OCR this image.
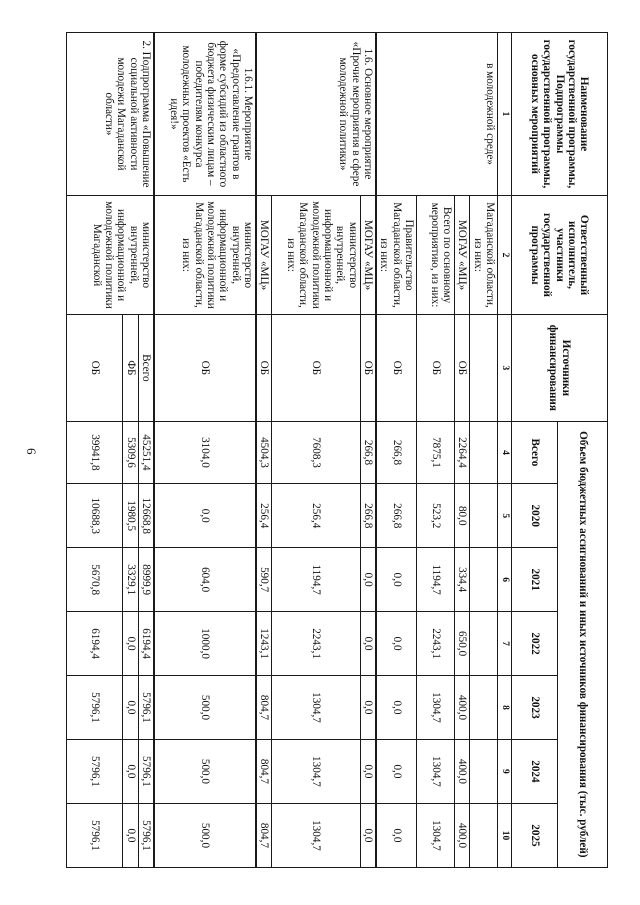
6
Наименование государственной программы, Подпрограммы государственной программы, основных мероприятий	Ответственный исполнитель, участники государственной программы	Источники финансирования	Объем бюджетных ассигнований и иных источников финансирования (тыс. рублей)						
			Всего	2020	2021	2022	2023	2024	2025
1	2	3	4	5	6	7	8	9	10
в молодежной среде»	Магаданской области, из них:								
	МОГАУ «МЦ»	ОБ	2264,4	80,0	334,4	650,0	400,0	400,0	400,0
	Всего по основному мероприятию, из них:	ОБ	7875,1	523,2	1194,7	2243,1	1304,7	1304,7	1304,7
	Правительство Магаданской области, из них:	ОБ	266,8	266,8	0,0	0,0	0,0	0,0	0,0
1.6. Основное мероприятие «Прочие мероприятия в сфере молодежной политики»	МОГАУ «МЦ»	ОБ	266,8	266,8	0,0	0,0	0,0	0,0	0,0
	министерство внутренней, информационной и молодежной политики Магаданской области, из них:	ОБ	7608,3	256,4	1194,7	2243,1	1304,7	1304,7	1304,7
	МОГАУ «МЦ»	ОБ	4504,3	256,4	590,7	1243,1	804,7	804,7	804,7
1.6.1. Мероприятие «Предоставление грантов в форме субсидий из областного бюджета физическим лицам – победителям конкурса молодежных проектов «Есть идея!»	министерство внутренней, информационной и молодежной политики Магаданской области, из них:	ОБ	3104,0	0,0	604,0	1000,0	500,0	500,0	500,0
2. Подпрограмма «Повышение социальной активности молодежи Магаданской области»	министерство внутренней, информационной и молодежной политики Магаданской	Всего	45251,4	12668,8	8999,9	6194,4	5796,1	5796,1	5796,1
		ФБ	5309,6	1980,5	3329,1	0,0	0,0	0,0	0,0
		ОБ	39941,8	10688,3	5670,8	6194,4	5796,1	5796,1	5796,1
